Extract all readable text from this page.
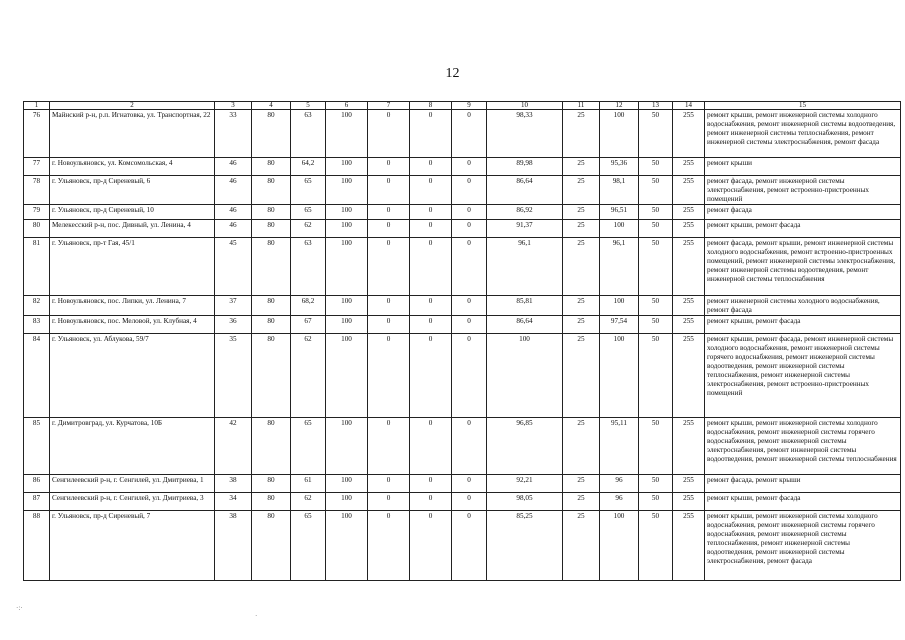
12
1	2	3	4	5	6	7	8	9	10	11	12	13	14	15
76	Майнский р-н, р.п. Игнатовка, ул. Транспортная, 22	33	80	63	100	0	0	0	98,33	25	100	50	255	ремонт крыши, ремонт инженерной системы холодного водоснабжения, ремонт инженерной системы водоотведения, ремонт инженерной системы теплоснабжения, ремонт инженерной системы электроснабжения, ремонт фасада
77	г. Новоульяновск, ул. Комсомольская, 4	46	80	64,2	100	0	0	0	89,98	25	95,36	50	255	ремонт крыши
78	г. Ульяновск, пр-д Сиреневый, 6	46	80	65	100	0	0	0	86,64	25	98,1	50	255	ремонт фасада, ремонт инженерной системы электроснабжения, ремонт встроенно-пристроенных помещений
79	г. Ульяновск, пр-д Сиреневый, 10	46	80	65	100	0	0	0	86,92	25	96,51	50	255	ремонт фасада
80	Мелекесский р-н, пос. Дивный, ул. Ленина, 4	46	80	62	100	0	0	0	91,37	25	100	50	255	ремонт крыши, ремонт фасада
81	г. Ульяновск, пр-т Гая, 45/1	45	80	63	100	0	0	0	96,1	25	96,1	50	255	ремонт фасада, ремонт крыши, ремонт инженерной системы холодного водоснабжения, ремонт встроенно-пристроенных помещений, ремонт инженерной системы электроснабжения, ремонт инженерной системы водоотведения, ремонт инженерной системы теплоснабжения
82	г. Новоульяновск, пос. Липки, ул. Ленина, 7	37	80	68,2	100	0	0	0	85,81	25	100	50	255	ремонт инженерной системы холодного водоснабжения, ремонт фасада
83	г. Новоульяновск, пос. Меловой, ул. Клубная, 4	36	80	67	100	0	0	0	86,64	25	97,54	50	255	ремонт крыши, ремонт фасада
84	г. Ульяновск, ул. Аблукова, 59/7	35	80	62	100	0	0	0	100	25	100	50	255	ремонт крыши, ремонт фасада, ремонт инженерной системы холодного водоснабжения, ремонт инженерной системы горячего водоснабжения, ремонт инженерной системы водоотведения, ремонт инженерной системы теплоснабжения, ремонт инженерной системы электроснабжения, ремонт встроенно-пристроенных помещений
85	г. Димитровград, ул. Курчатова, 10Б	42	80	65	100	0	0	0	96,85	25	95,11	50	255	ремонт крыши, ремонт инженерной системы холодного водоснабжения, ремонт инженерной системы горячего водоснабжения, ремонт инженерной системы электроснабжения, ремонт инженерной системы водоотведения, ремонт инженерной системы теплоснабжения
86	Сенгилеевский р-н, г. Сенгилей, ул. Дмитриева, 1	38	80	61	100	0	0	0	92,21	25	96	50	255	ремонт фасада, ремонт крыши
87	Сенгилеевский р-н, г. Сенгилей, ул. Дмитриева, 3	34	80	62	100	0	0	0	98,05	25	96	50	255	ремонт крыши, ремонт фасада
88	г. Ульяновск, пр-д Сиреневый, 7	38	80	65	100	0	0	0	85,25	25	100	50	255	ремонт крыши, ремонт инженерной системы холодного водоснабжения, ремонт инженерной системы горячего водоснабжения, ремонт инженерной системы теплоснабжения, ремонт инженерной системы водоотведения, ремонт инженерной системы электроснабжения, ремонт фасада
·:·
·
